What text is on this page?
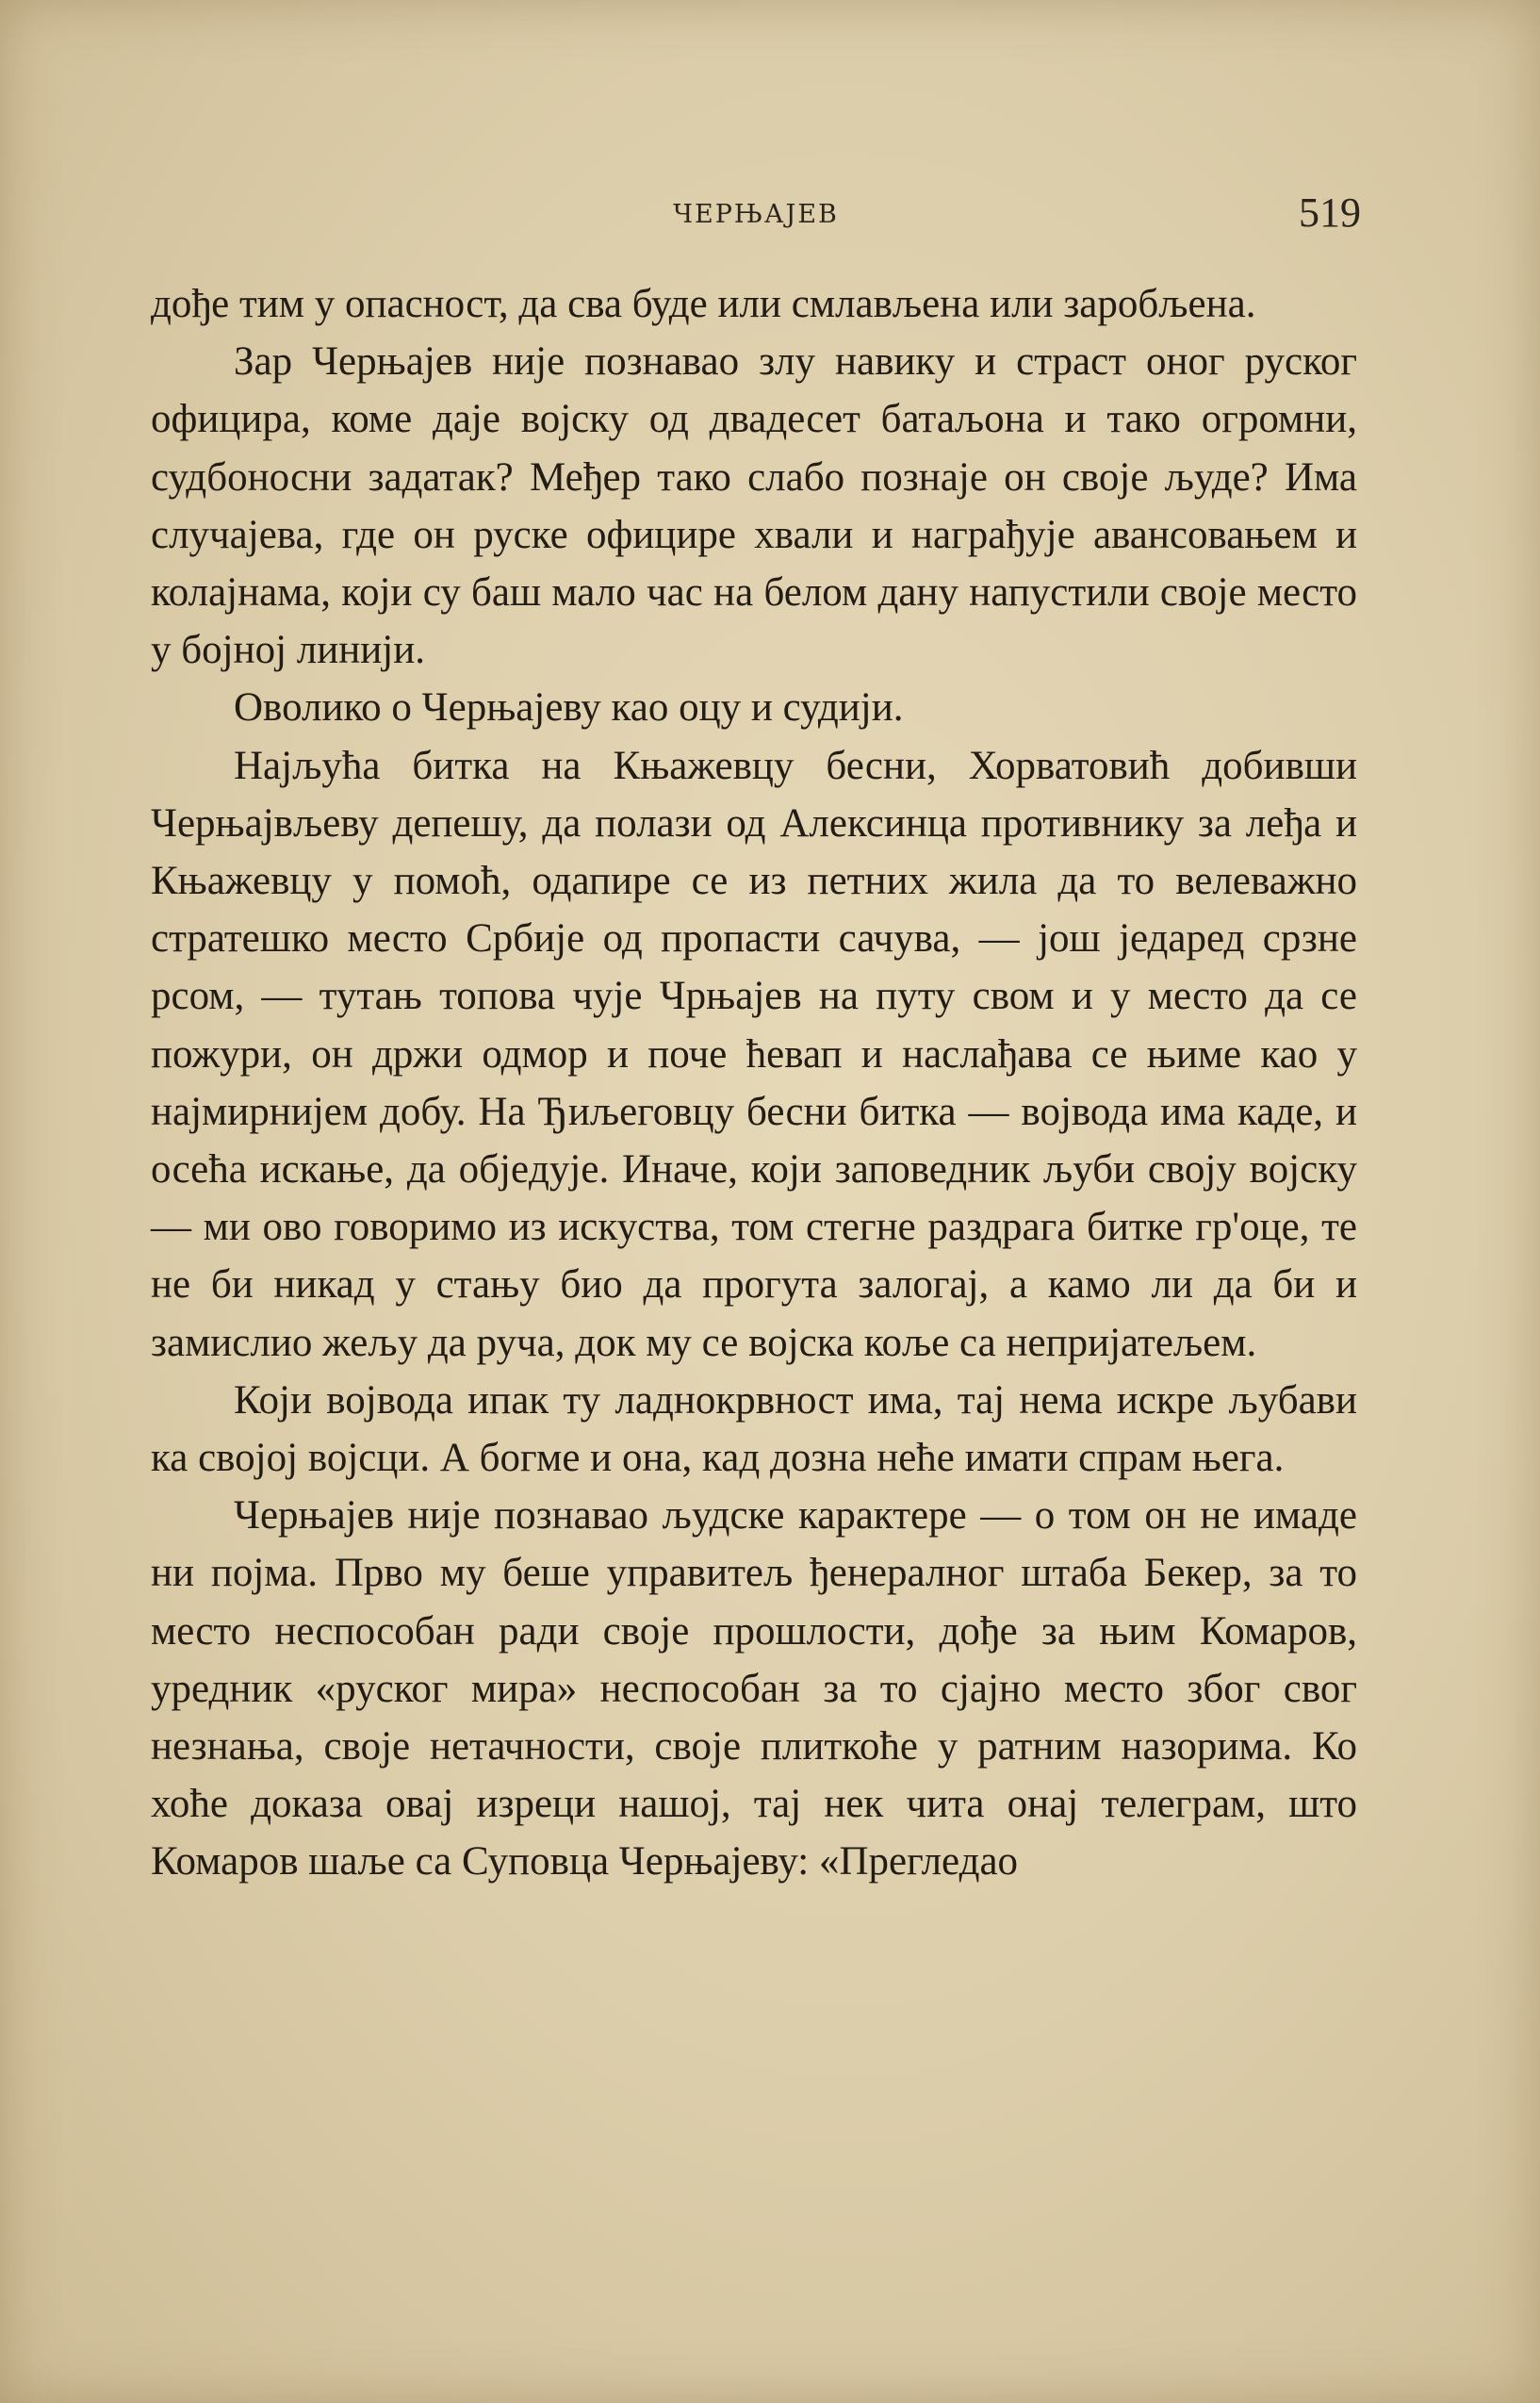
ЧЕРЊАЈЕВ	519

дође тим у опасност, да сва буде или смлављена или заробљена.

Зар Черњајев није познавао злу навику и страст оног руског официра, коме даје војску од двадесет батаљона и тако огромни, судбоносни задатак? Међер тако слабо познаје он своје људе? Има случајева, где он руске официре хвали и награђује авансовањем и колајнама, који су баш мало час на белом дану напустили своје место у бојној линији.

Оволико о Черњајеву као оцу и судији.

Најљућа битка на Књажевцу бесни, Хорватовић добивши Черњајвљеву депешу, да полази од Алексинца противнику за леђа и Књажевцу у помоћ, одапире се из петних жила да то велеважно стратешко место Србије од пропасти сачува, — још једаред срзне рсом, — тутањ топова чује Чрњајев на путу свом и у место да се пожури, он држи одмор и поче ћевап и наслађава се њиме као у најмирнијем добу. На Ђиљеговцу бесни битка — војвода има каде, и осећа искање, да објeдује. Иначе, који заповедник љуби своју војску — ми ово говоримо из искуства, том стегне раздрага битке гр'оце, те не би никад у стању био да прогута залогај, а камо ли да би и замислио жељу да руча, док му се војска коље са непријатељем.

Који војвода ипак ту ладнокрвност има, тај нема искре љубави ка својој војсци. А богме и она, кад дозна неће имати спрам њега.

Черњајев није познавао људске карактере — о том он не имаде ни појма. Прво му беше управитељ ђенералног штаба Бекер, за то место неспособан ради своје прошлости, дође за њим Комаров, уредник «руског мира» неспособан за то сјајно место због свог незнања, своје нетачности, своје плиткоће у ратним назорима. Ко хоће доказа овај изреци нашој, тај нек чита онај телеграм, што Комаров шаље са Суповца Черњајеву: «Прегледао
